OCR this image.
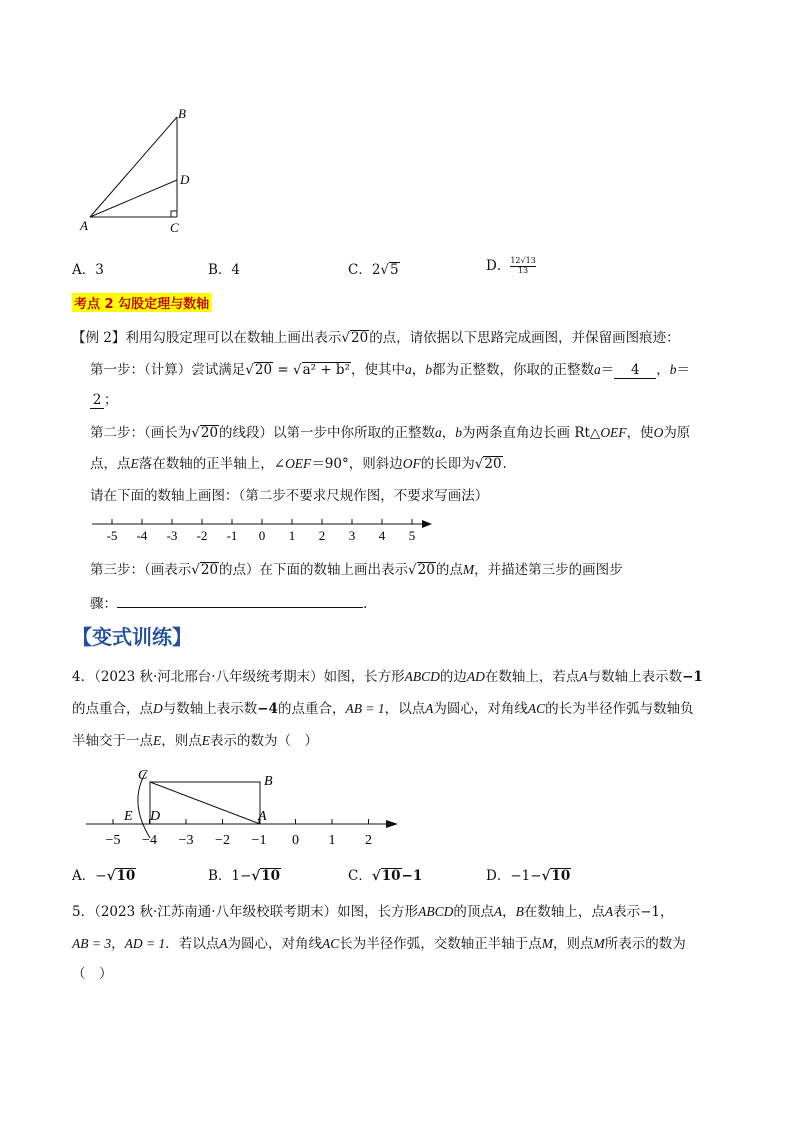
B
D
A	C
A．3	B．4	C．2√5	D． $\frac{12√13}{13}$
考点 2 勾股定理与数轴
【例 2】利用勾股定理可以在数轴上画出表示√20的点，请依据以下思路完成画图，并保留画图痕迹：
第一步：（计算）尝试满足√20 = √a² + b²，使其中a，b都为正整数，你取的正整数a＝ 4 ，b＝
2 ；
第二步：（画长为√20的线段）以第一步中你所取的正整数a，b为两条直角边长画 Rt△OEF，使O为原
点，点E落在数轴的正半轴上，∠OEF＝90°，则斜边OF的长即为√20.
请在下面的数轴上画图：（第二步不要求尺规作图，不要求写画法）
-5 -4 -3 -2 -1 0 1 2 3 4 5
第三步：（画表示√20的点）在下面的数轴上画出表示√20的点M，并描述第三步的画图步
骤：	.
【变式训练】
4．（2023 秋·河北邢台·八年级统考期末）如图，长方形ABCD的边AD在数轴上，若点A与数轴上表示数−1
的点重合，点D与数轴上表示数−4的点重合，AB = 1，以点A为圆心，对角线AC的长为半径作弧与数轴负
半轴交于一点E，则点E表示的数为（　）
−5 −4 −3 −2 −1 0 1 2
C	B
E D	A
A．−√10	B．1−√10	C．√10−1	D．−1−√10
5．（2023 秋·江苏南通·八年级校联考期末）如图，长方形ABCD的顶点A，B在数轴上，点A表示−1，
AB = 3，AD = 1．若以点A为圆心，对角线AC长为半径作弧，交数轴正半轴于点M，则点M所表示的数为
（　）
